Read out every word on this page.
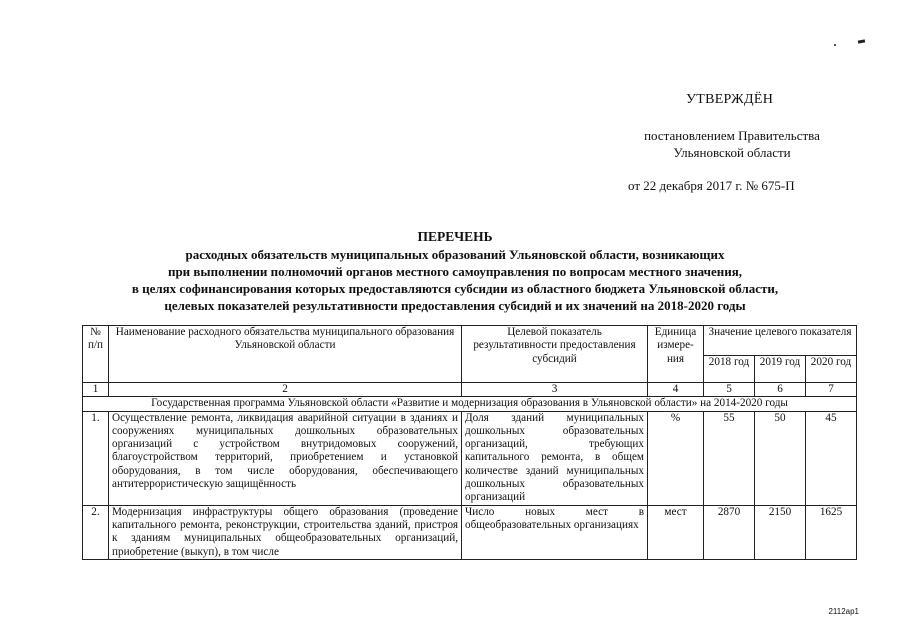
УТВЕРЖДЁН
постановлением Правительства
Ульяновской области
от 22 декабря 2017 г. № 675-П
ПЕРЕЧЕНЬ
расходных обязательств муниципальных образований Ульяновской области, возникающих
при выполнении полномочий органов местного самоуправления по вопросам местного значения,
в целях софинансирования которых предоставляются субсидии из областного бюджета Ульяновской области,
целевых показателей результативности предоставления субсидий и их значений на 2018-2020 годы
№ п/п	Наименование расходного обязательства муниципального образования Ульяновской области	Целевой показатель результативности предоставления субсидий	Единица измере-ния	Значение целевого показателя		
				2018 год	2019 год	2020 год
1	2	3	4	5	6	7
Государственная программа Ульяновской области «Развитие и модернизация образования в Ульяновской области» на 2014-2020 годы						
1.	Осуществление ремонта, ликвидация аварийной ситуации в зданиях и сооружениях муниципальных дошкольных образовательных организаций с устройством внутридомовых сооружений, благоустройством территорий, приобретением и установкой оборудования, в том числе оборудования, обеспечивающего антитеррористическую защищённость	Доля зданий муниципальных дошкольных образовательных организаций, требующих капитального ремонта, в общем количестве зданий муниципальных дошкольных образовательных организаций	%	55	50	45
2.	Модернизация инфраструктуры общего образования (проведение капитального ремонта, реконструкции, строительства зданий, пристроя к зданиям муниципальных общеобразовательных организаций, приобретение (выкуп), в том числе	Число новых мест в общеобразовательных организациях	мест	2870	2150	1625
2112ap1
